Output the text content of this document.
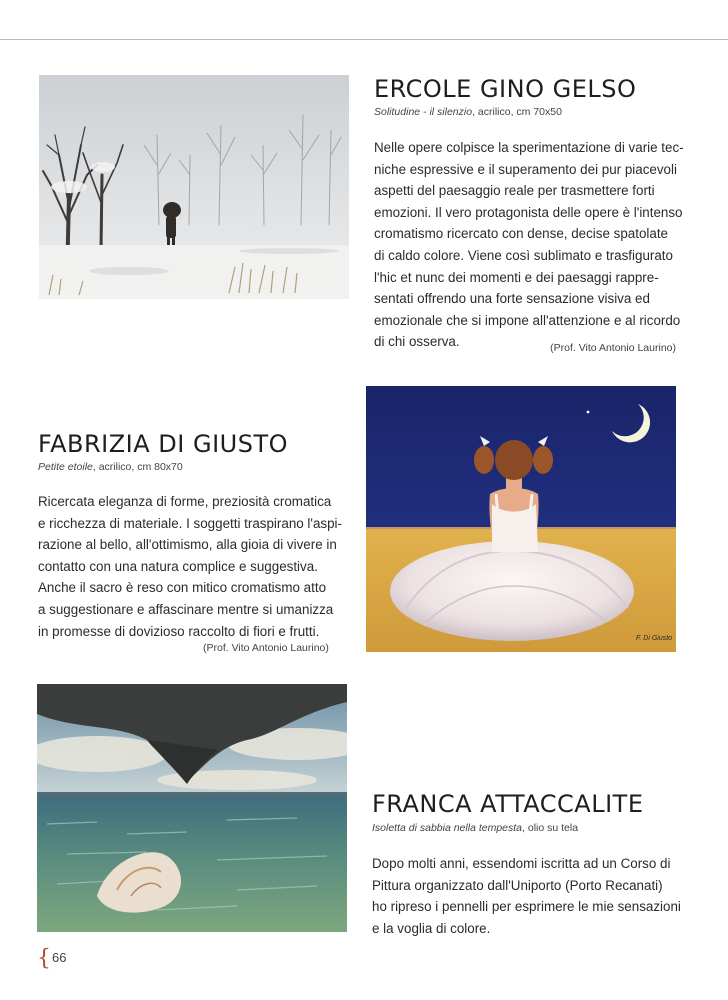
ERCOLE GINO GELSO
Solitudine - il silenzio, acrilico, cm 70x50
Nelle opere colpisce la sperimentazione di varie tec-
niche espressive e il superamento dei pur piacevoli
aspetti del paesaggio reale per trasmettere forti
emozioni. Il vero protagonista delle opere è l'intenso
cromatismo ricercato con dense, decise spatolate
di caldo colore. Viene così sublimato e trasfigurato
l'hic et nunc dei momenti e dei paesaggi rappre-
sentati offrendo una forte sensazione visiva ed
emozionale che si impone all'attenzione e al ricordo
di chi osserva.	(Prof. Vito Antonio Laurino)
FABRIZIA DI GIUSTO
Petite etoile, acrilico, cm 80x70
Ricercata eleganza di forme, preziosità cromatica
e ricchezza di materiale. I soggetti traspirano l'aspi-
razione al bello, all'ottimismo, alla gioia di vivere in
contatto con una natura complice e suggestiva.
Anche il sacro è reso con mitico cromatismo atto
a suggestionare e affascinare mentre si umanizza
in promesse di dovizioso raccolto di fiori e frutti.
(Prof. Vito Antonio Laurino)
F. Di Giusto
FRANCA ATTACCALITE
Isoletta di sabbia nella tempesta, olio su tela
Dopo molti anni, essendomi iscritta ad un Corso di
Pittura organizzato dall'Uniporto (Porto Recanati)
ho ripreso i pennelli per esprimere le mie sensazioni
e la voglia di colore.
{66
